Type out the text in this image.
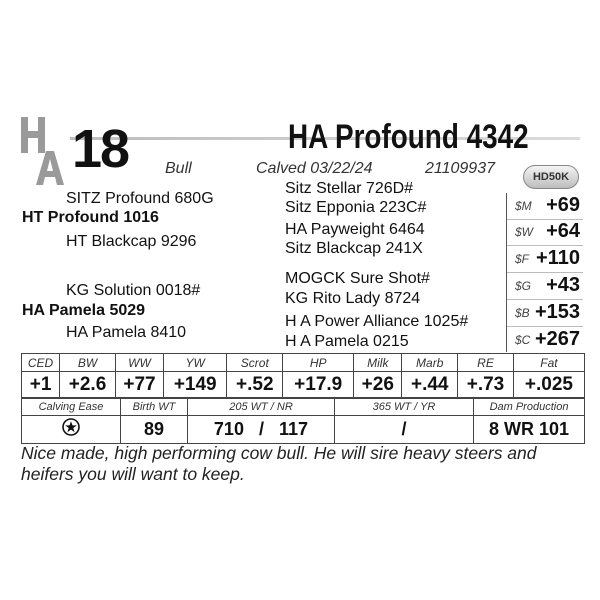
18	HA Profound 4342
Bull	Calved 03/22/24	21109937	HD50K
SITZ Profound 680G
HT Profound 1016
HT Blackcap 9296
KG Solution 0018#
HA Pamela 5029
HA Pamela 8410
Sitz Stellar 726D#
Sitz Epponia 223C#
HA Payweight 6464
Sitz Blackcap 241X
MOGCK Sure Shot#
KG Rito Lady 8724
H A Power Alliance 1025#
H A Pamela 0215
$M +69
$W +64
$F +110
$G +43
$B +153
$C +267
CED	BW	WW	YW	Scrot	HP	Milk	Marb	RE	Fat
+1	+2.6	+77	+149	+.52	+17.9	+26	+.44	+.73	+.025
Calving Ease	Birth WT	205 WT / NR	365 WT / YR	Dam Production
	89	710 / 117	/	8 WR 101
Nice made, high performing cow bull. He will sire heavy steers and heifers you will want to keep.
